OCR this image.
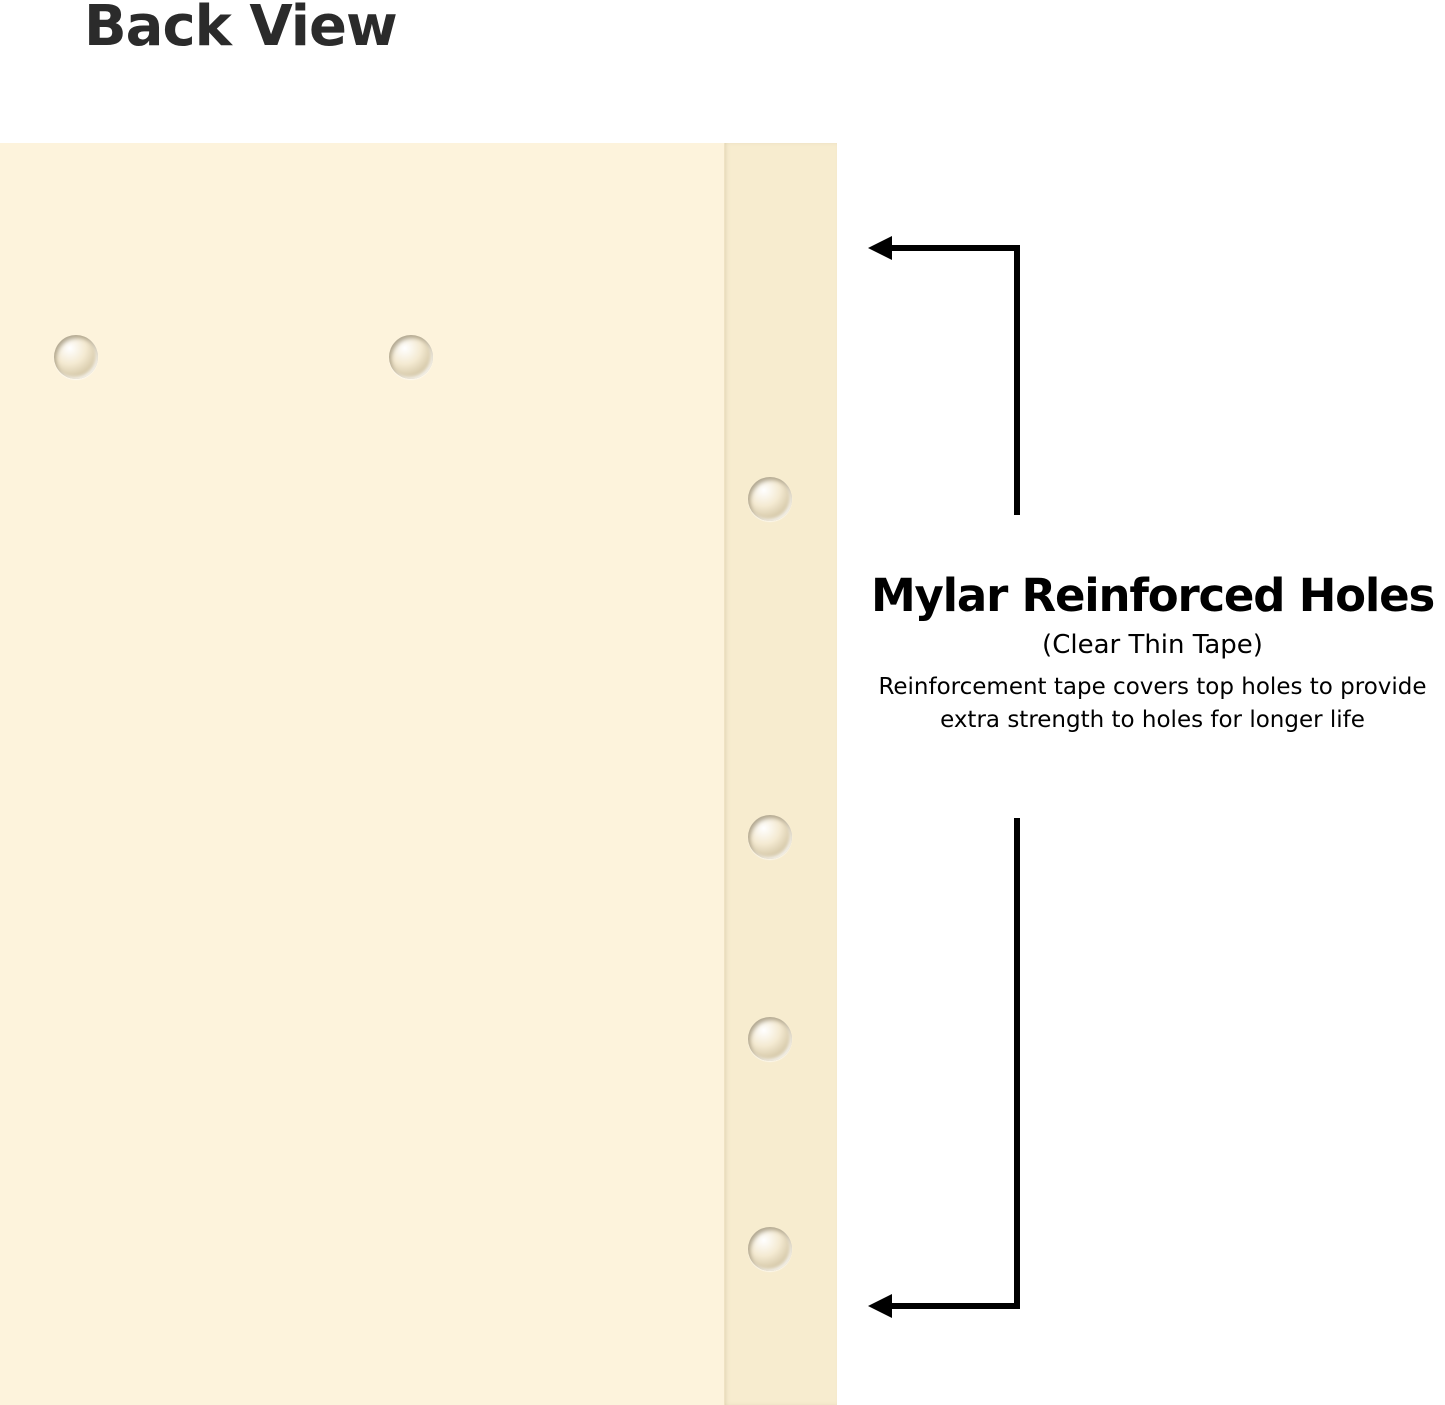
Back View
Mylar Reinforced Holes
(Clear Thin Tape)
Reinforcement tape covers top holes to provide extra strength to holes for longer life
